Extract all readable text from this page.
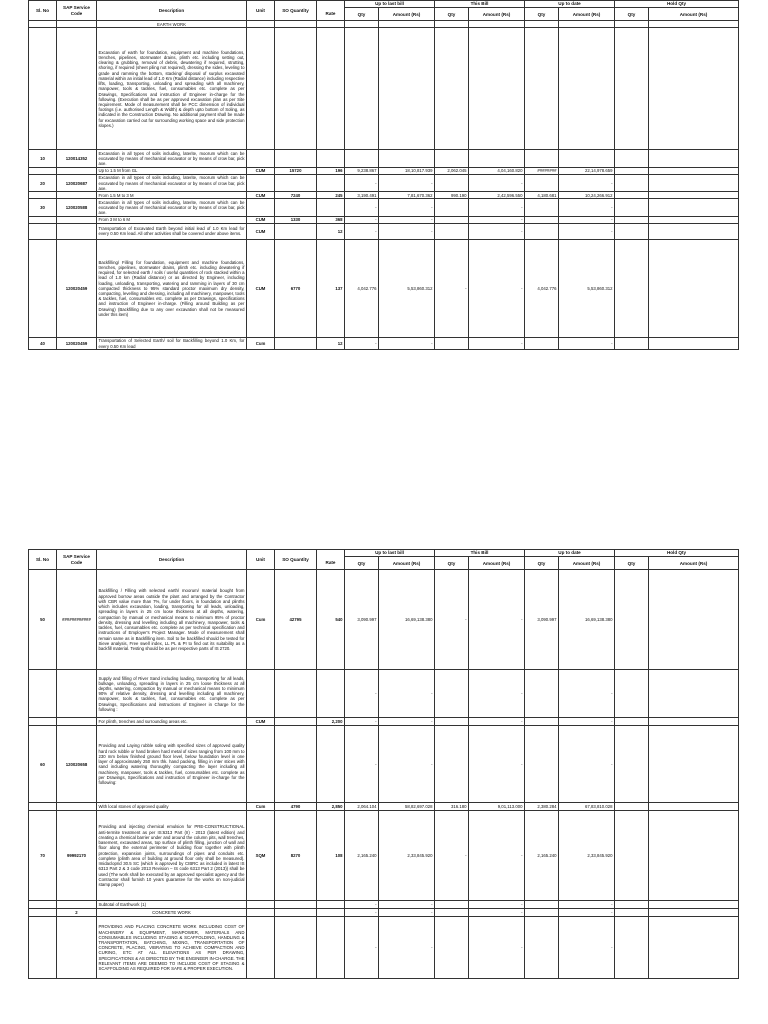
Sl. No	SAP Service Code	Description	Unit	SO Quantity		Up to last bill		This Bill		Up to date		Hold Qty	
					Rate	Qty	Amount (Rs)	Qty	Amount (Rs)	Qty	Amount (Rs)	Qty	Amount (Rs)
		EARTH WORK											
		Excavation of earth for foundation, equipment and machine foundations, trenches, pipelines, stormwater drains, plinth etc. including setting out, clearing & grubbing, removal of debris, dewatering if required, strutting, shoring, if required (sheet piling not required), dressing the sides, leveling to grade and ramming the bottom, stacking/ disposal of surplus excavated material within an initial lead of 1.0 Km (Radial distance) including respective lifts, loading, transporting, unloading and spreading with all machinery, manpower, tools & tackles, fuel, consumables etc. complete as per Drawings, Specifications and instruction of Engineer in-charge for the following. (Execution shall be as per approved excavation plan as per Site requirement. Mode of measurement shall be PCC dimension of individual footings (i.e. authorised Length & Width) & depth upto bottom of Soling, as indicated in the Construction Drawing. No additional payment shall be made for excavation carried out for surrounding working space and side protection slopes.)											
10	120014352	Excavation in all types of soils including, laterite, moorum which can be excavated by means of mechanical excavator or by means of crow bar, pick axe.											
		Up to 1.5 M from GL	CUM	15720	196	9,238.867	18,10,817.939	2,062.045	4,04,160.820	########	22,14,978.659		
20	120020687	Excavation in all types of soils including, laterite, moorum which can be excavated by means of mechanical excavator or by means of crow bar, pick axe.				-	-		-		-		
		From 1.5 M to 3 M	CUM	7240	245	3,190.491	7,81,670.362	990.190	2,42,596.550	4,180.681	10,24,266.912		
30	120020588	Excavation in all types of soils including, laterite, moorum which can be excavated by means of mechanical excavator or by means of crow bar, pick axe.				-	-		-		-		
		From 3 M to 6 M	CUM	1330	368	-	-		-		-		
		Transportation of Excavated Earth beyond initial lead of 1.0 Km lead for every 0.50 Km lead. All other activities shall be covered under above items.	CUM		12	-	-		-		-		
	120020459	Backfilling/ Filling for foundation, equipment and machine foundations, trenches, pipelines, stormwater drains, plinth etc. including dewatering if required, for selected earth / soils / useful quantities of rock stacked within a lead of 1.0 km (Radial distance) or as directed by Engineer, including loading, unloading, transporting, watering and ramming in layers of 30 cm compacted thickness to 95% standard proctor maximum dry density, compacting, levelling and dressing, including all machinery, manpower, tools & tackles, fuel, consumables etc. complete as per Drawings, specifications and instruction of Engineer in-charge. (Filling around Building as per Drawing) (Backfilling due to any over excavation shall not be measured under this item)	CUM	6770	137	4,042.776	5,53,860.312	-	-	4,042.776	5,53,860.312		
40	120020459	Transportation of Selected Earth/ soil for Backfilling beyond 1.0 Km, for every 0.50 Km lead	Cum		12	-	-		-		-		
Sl. No	SAP Service Code	Description	Unit	SO Quantity		Up to last bill		This Bill		Up to date		Hold Qty	
					Rate	Qty	Amount (Rs)	Qty	Amount (Rs)	Qty	Amount (Rs)	Qty	Amount (Rs)
50	############	Backfilling / Filling with selected earth/ moorum/ material bought from approved borrow areas outside the plant and arranged by the Contractor with CBR value more than 7%, for under floors, in foundation and plinths which includes excavation, loading, transporting for all leads, unloading, spreading in layers in 25 cm loose thickness at all depths, watering, compaction by manual or mechanical means to minimum 95% of proctor density, dressing and levelling including all machinery, manpower, tools & tackles, fuel, consumables etc. complete as per technical specification and instructions of Employer's Project Manager. Mode of measurement shall remain same as in Backfilling item. Soil to be backfilled should be tested for Sieve analysis, Free swell index, LL PL & PI to find out its suitability as a backfill material. Testing should be as per respective parts of IS 2720.	Cum	42795	540	3,090.997	16,69,138.380	-	-	3,090.997	16,69,138.380		
		Supply and filling of River Sand including loading, transporting for all leads, bulkage, unloading, spreading in layers in 25 cm loose thickness at all depths, watering, compaction by manual or mechanical means to minimum 90% of relative density, dressing and levelling including all machinery, manpower, tools & tackles, fuel, consumables etc. complete as per Drawings, Specifications and instructions of Engineer in Charge for the following :				-	-		-		-		
		For plinth, trenches and surrounding areas etc.	CUM		2,200	-	-		-		-		
60	120020658	Providing and Laying rubble soling with specified sizes of approved quality hard rock rubble or hand broken hard metal of sizes ranging from 100 mm to 230 mm below finished ground floor level, below foundation level in one layer of approximately 250 mm thk. hand packing, filling in inter stices with sand including watering thoroughly compacting the layer including all machinery, manpower, tools & tackles, fuel, consumables etc. complete as per Drawings, Specifications and instruction of Engineer in-charge for the following:				-	-		-		-		
		With local stones of approved quality	Cum	4790	2,850	2,064.104	58,82,697.028	316.180	9,01,113.000	2,380.284	67,83,810.028		
70	99992170	Providing and injecting chemical emulsion for PRE-CONSTRUCTIONAL anti-termite treatment as per IS:6313 Part (II) - 2013 (latest edition) and creating a chemical barrier under and around the column pits, wall trenches, basement, excavated areas, top surface of plinth filling, junction of wall and floor along the external perimeter of building floor together with plinth protection, expansion joints, surroundings of pipes and conduits etc. complete (plinth area of building at ground floor only shall be measured). Imidacloprid 30.5 SC (which is approved by CIBRC as included in latest IS 6313 Part 2 & 3 code 2013 Revision – IS code 6313 Part 2 (2013)) shall be used (The work shall be executed by an approved specialist agency and the Contractor shall furnish 10 years guarantee for the works on non-judicial stamp paper)	SQM	8270	108	2,165.240	2,33,845.920	-	-	2,165.240	2,33,845.920		
		Subtotal of Earthwork (1)				-	-		-		-		
	2	CONCRETE WORK				-	-		-		-		
		PROVIDING AND PLACING CONCRETE WORK INCLUDING COST OF MACHINERY & EQUIPMENT, MANPOWER, MATERIALS AND CONSUMABLES INCLUDING STAGING & SCAFFOLDING, HANDLING & TRANSPORTATION, BATCHING, MIXING, TRANSPORTATION OF CONCRETE, PLACING, VIBRATING TO ACHIEVE COMPACTION AND CURING, ETC AT ALL ELEVATIONS AS PER DRAWING, SPECIFICATIONS & AS DIRECTED BY THE ENGINEER IN-CHARGE. THE RELEVANT ITEMS ARE DEEMED TO INCLUDE COST OF STAGING & SCAFFOLDING AS REQUIRED FOR SAFE & PROPER EXECUTION.				-	-		-		-		
